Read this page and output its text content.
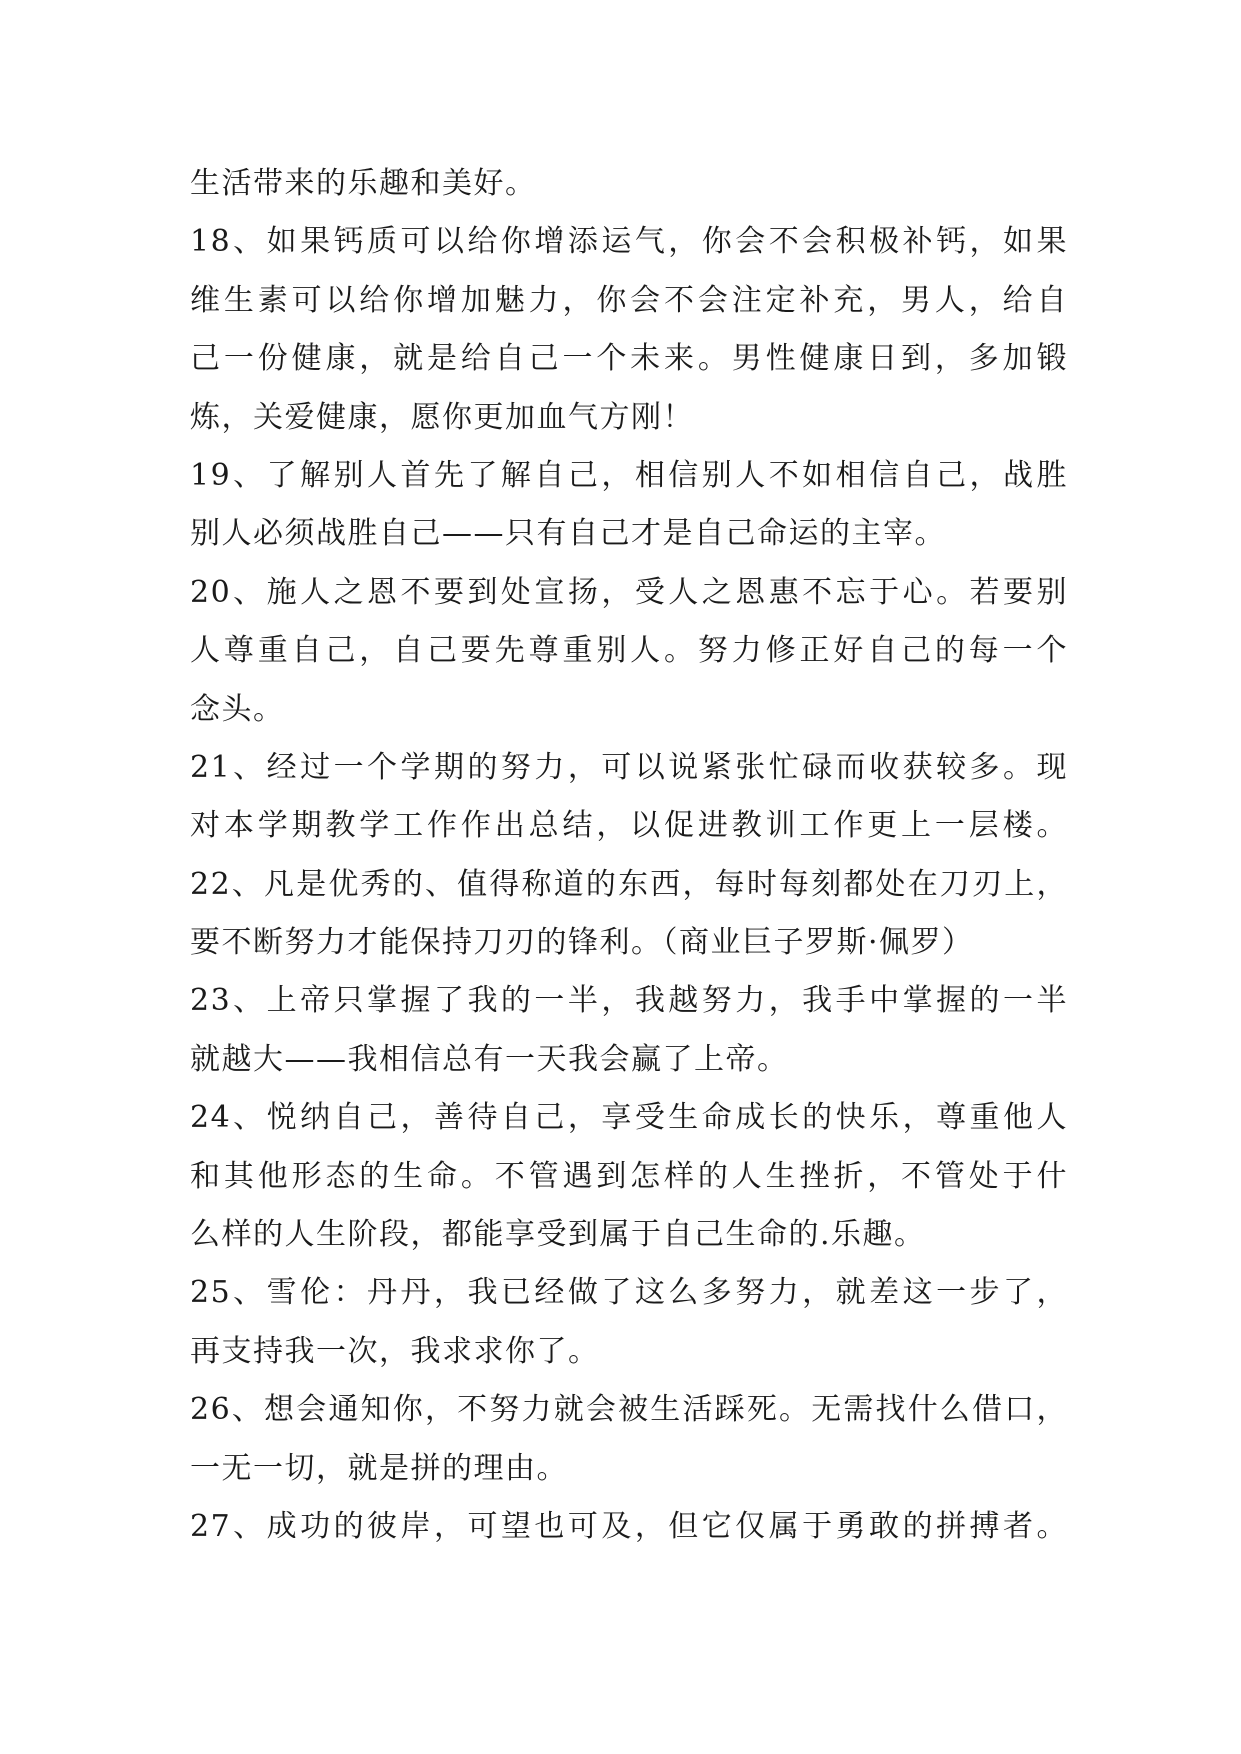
生活带来的乐趣和美好。
18、如果钙质可以给你增添运气，你会不会积极补钙，如果
维生素可以给你增加魅力，你会不会注定补充，男人，给自
己一份健康，就是给自己一个未来。男性健康日到，多加锻
炼，关爱健康，愿你更加血气方刚！
19、了解别人首先了解自己，相信别人不如相信自己，战胜
别人必须战胜自己——只有自己才是自己命运的主宰。
20、施人之恩不要到处宣扬，受人之恩惠不忘于心。若要别
人尊重自己，自己要先尊重别人。努力修正好自己的每一个
念头。
21、经过一个学期的努力，可以说紧张忙碌而收获较多。现
对本学期教学工作作出总结，以促进教训工作更上一层楼。
22、凡是优秀的、值得称道的东西，每时每刻都处在刀刃上，
要不断努力才能保持刀刃的锋利。（商业巨子罗斯·佩罗）
23、上帝只掌握了我的一半，我越努力，我手中掌握的一半
就越大——我相信总有一天我会赢了上帝。
24、悦纳自己，善待自己，享受生命成长的快乐，尊重他人
和其他形态的生命。不管遇到怎样的人生挫折，不管处于什
么样的人生阶段，都能享受到属于自己生命的.乐趣。
25、雪伦：丹丹，我已经做了这么多努力，就差这一步了，
再支持我一次，我求求你了。
26、想会通知你，不努力就会被生活踩死。无需找什么借口，
一无一切，就是拼的理由。
27、成功的彼岸，可望也可及，但它仅属于勇敢的拼搏者。
